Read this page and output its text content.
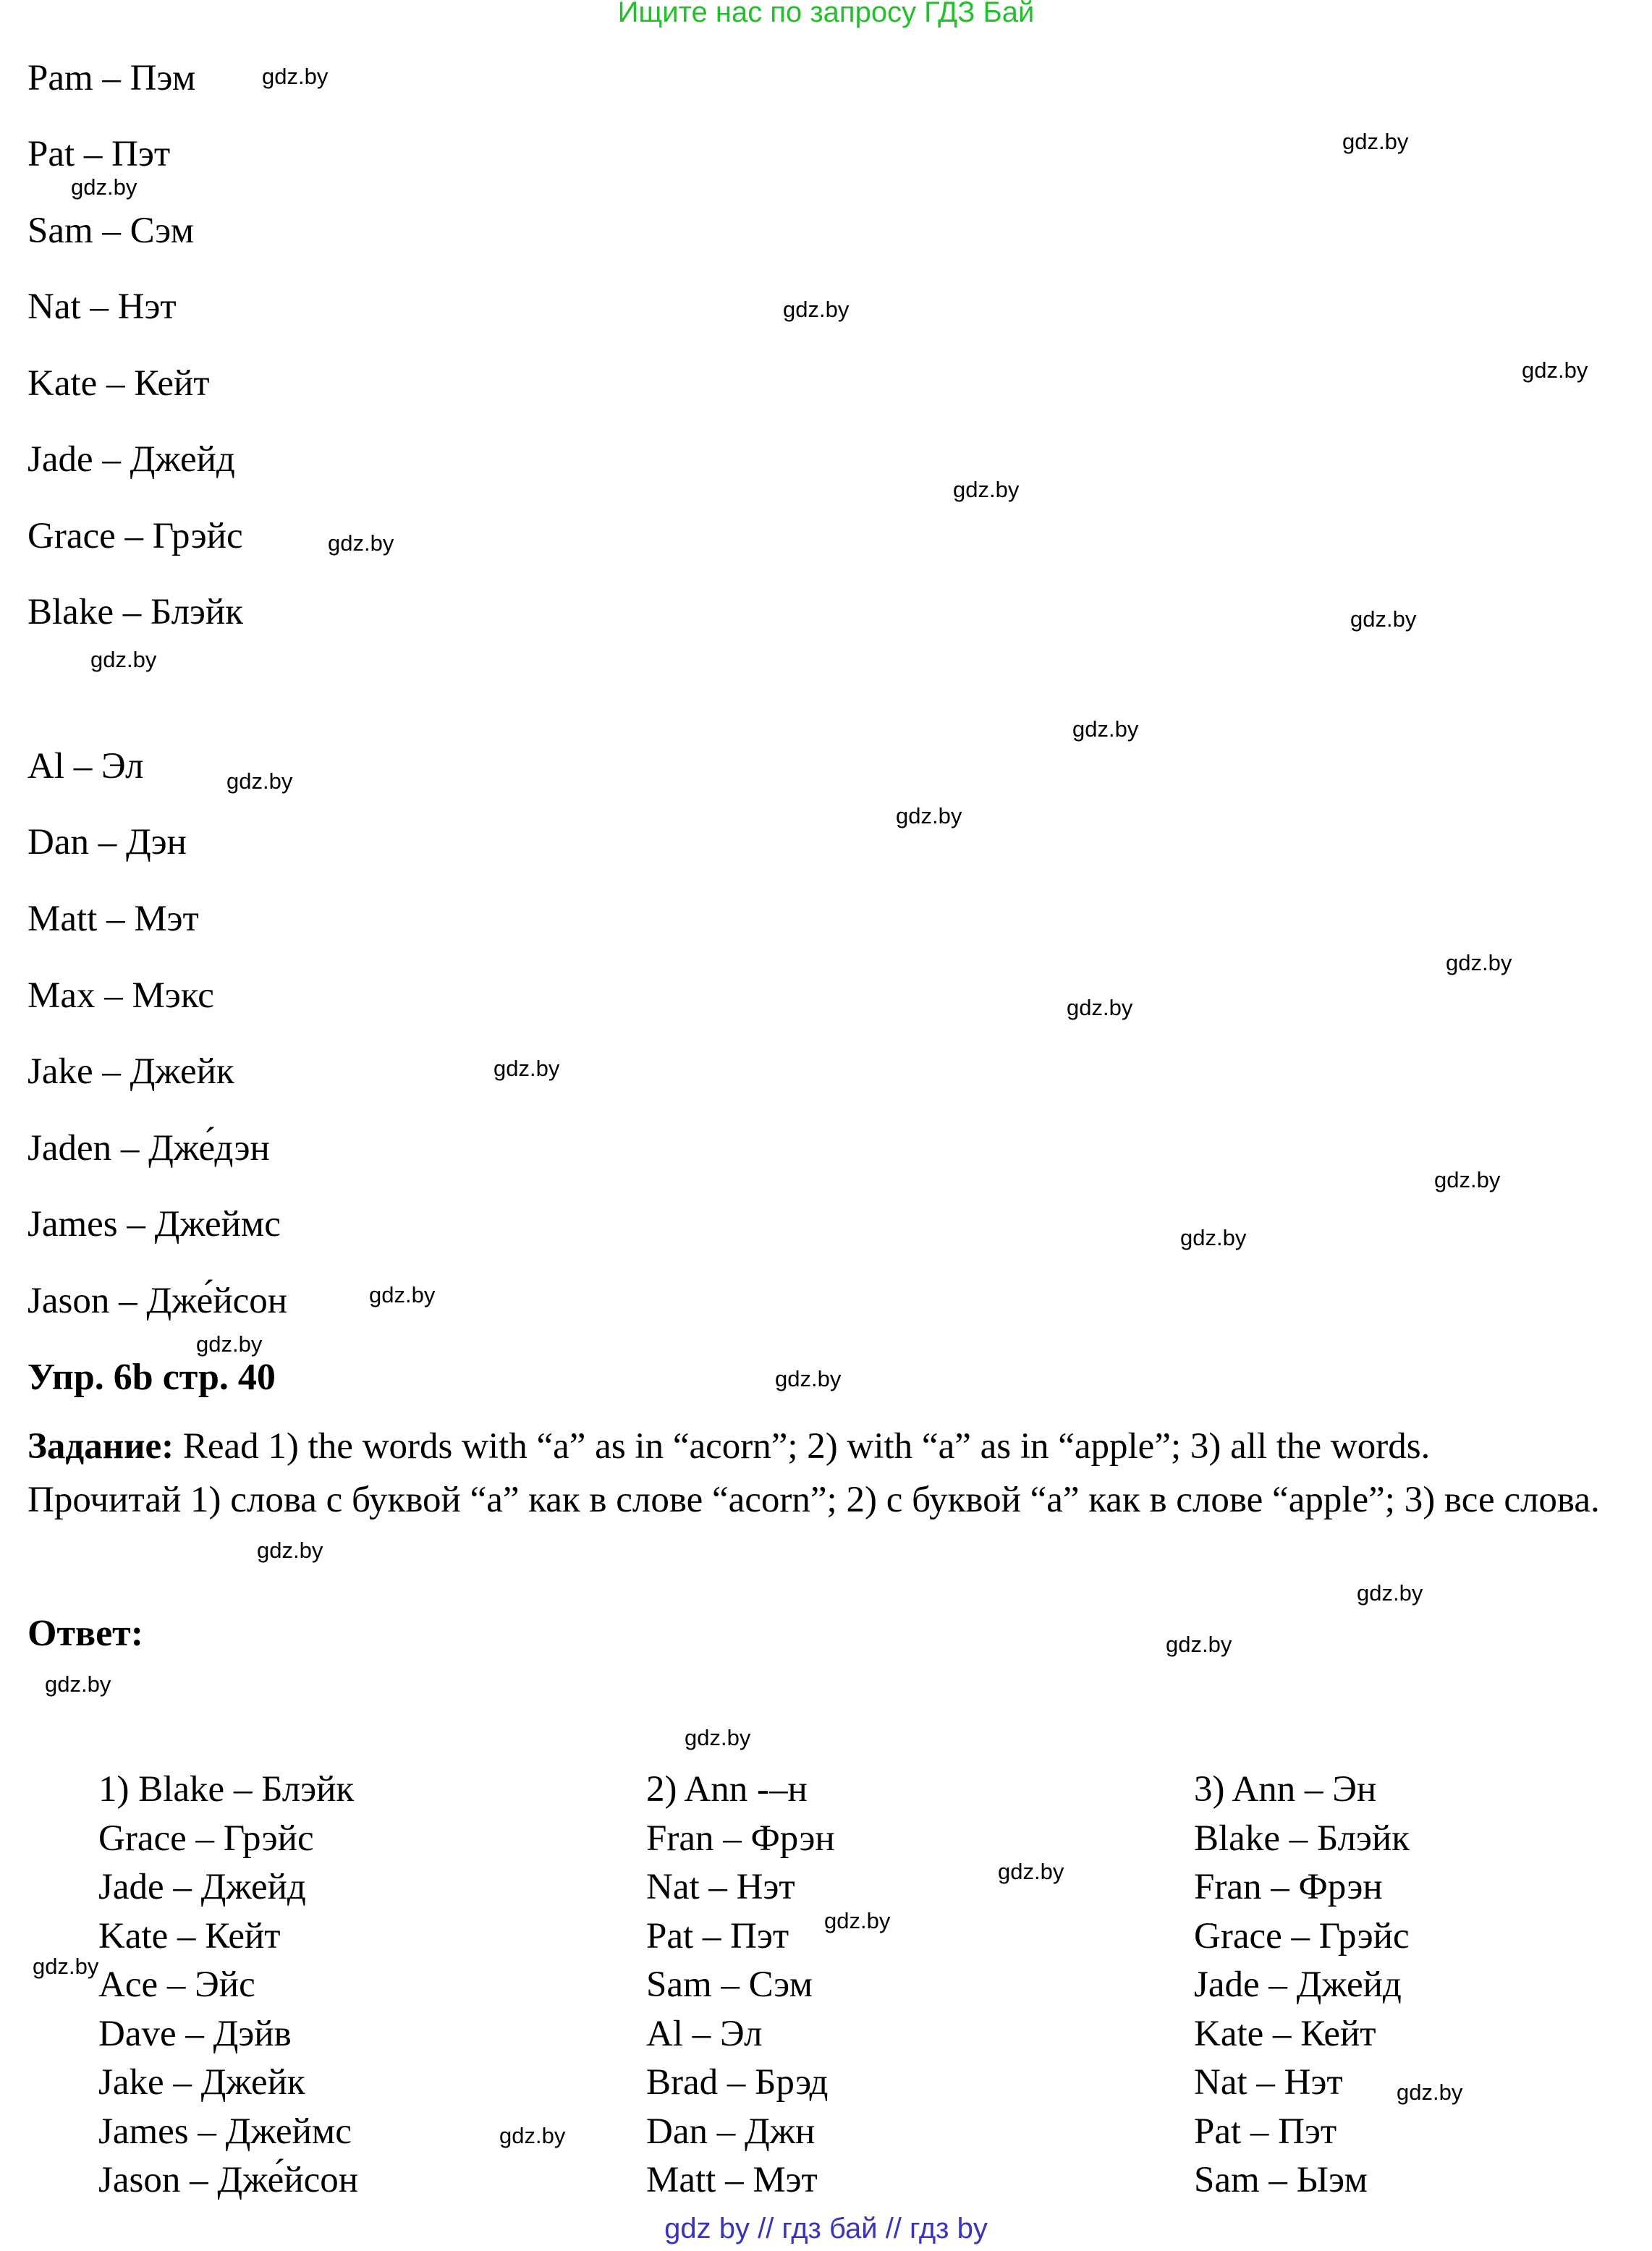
Ищите нас по запросу ГДЗ Бай
Pam – Пэм
Pat – Пэт
Sam – Сэм
Nat – Нэт
Kate – Кейт
Jade – Джейд
Grace – Грэйс
Blake – Блэйк
Al – Эл
Dan – Дэн
Matt – Мэт
Max – Мэкс
Jake – Джейк
Jaden – Дже́дэн
James – Джеймс
Jason – Дже́йсон
Упр. 6b стр. 40
Задание: Read 1) the words with “a” as in “acorn”; 2) with “a” as in “apple”; 3) all the words.
Прочитай 1) слова с буквой “a” как в слове “acorn”; 2) с буквой “a” как в слове “apple”; 3) все слова.
Ответ:
1) Blake – Блэйк
Grace – Грэйс
Jade – Джейд
Kate – Кейт
Ace – Эйс
Dave – Дэйв
Jake – Джейк
James – Джеймс
Jason – Дже́йсон
2) Ann -–н
Fran – Фрэн
Nat – Нэт
Pat – Пэт
Sam – Сэм
Al – Эл
Brad – Брэд
Dan – Джн
Matt – Мэт
3) Ann – Эн
Blake – Блэйк
Fran – Фрэн
Grace – Грэйс
Jade – Джейд
Kate – Кейт
Nat – Нэт
Pat – Пэт
Sam – Ыэм
gdz.by
gdz.by
gdz.by
gdz.by
gdz.by
gdz.by
gdz.by
gdz.by
gdz.by
gdz.by
gdz.by
gdz.by
gdz.by
gdz.by
gdz.by
gdz.by
gdz.by
gdz.by
gdz.by
gdz.by
gdz.by
gdz.by
gdz.by
gdz.by
gdz.by
gdz.by
gdz.by
gdz.by
gdz.by
gdz.by
gdz by // гдз бай // гдз by
